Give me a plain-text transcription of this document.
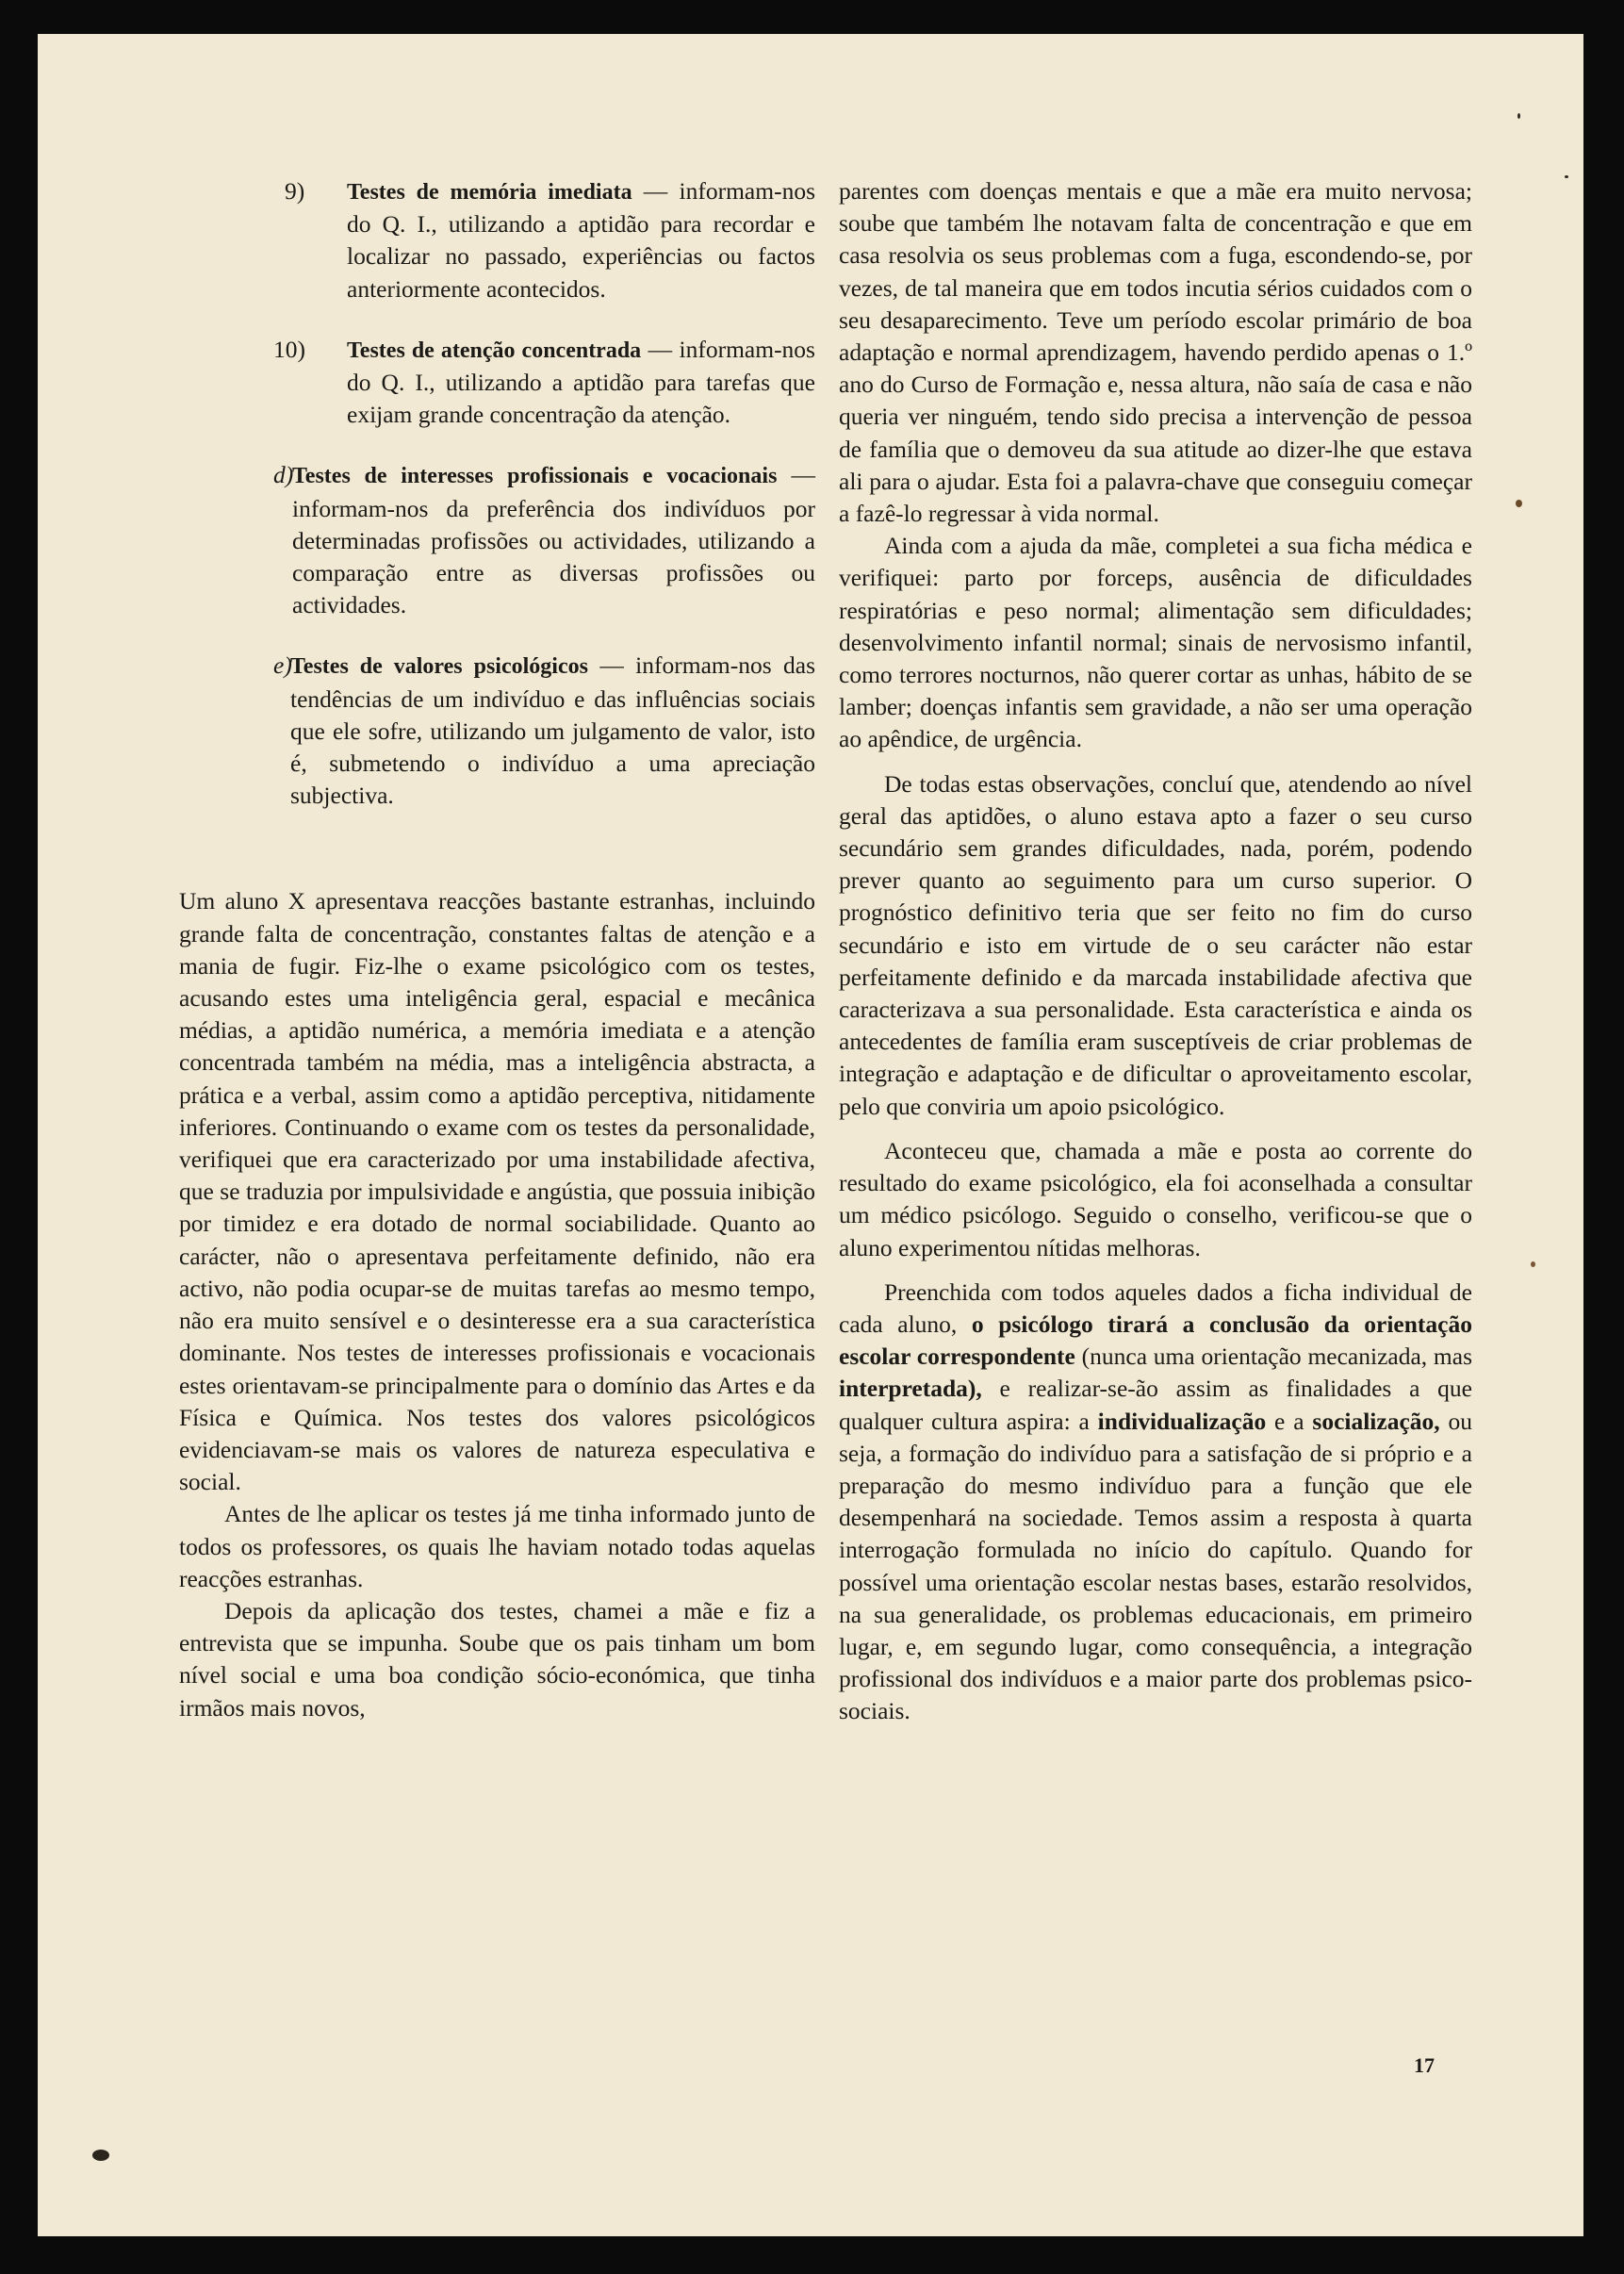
9) Testes de memória imediata — informam-nos do Q. I., utilizando a aptidão para recordar e localizar no passado, experiências ou factos anteriormente acontecidos.
10) Testes de atenção concentrada — informam-nos do Q. I., utilizando a aptidão para tarefas que exijam grande concentração da atenção.
d)
Testes de interesses profissionais e vocacionais — informam-nos da preferência dos indivíduos por determinadas profissões ou actividades, utilizando a comparação entre as diversas profissões ou actividades.
e)
Testes de valores psicológicos — informam-nos das tendências de um indivíduo e das influências sociais que ele sofre, utilizando um julgamento de valor, isto é, submetendo o indivíduo a uma apreciação subjectiva.

Um aluno X apresentava reacções bastante estranhas, incluindo grande falta de concentração, constantes faltas de atenção e a mania de fugir. Fiz-lhe o exame psicológico com os testes, acusando estes uma inteligência geral, espacial e mecânica médias, a aptidão numérica, a memória imediata e a atenção concentrada também na média, mas a inteligência abstracta, a prática e a verbal, assim como a aptidão perceptiva, nitidamente inferiores. Continuando o exame com os testes da personalidade, verifiquei que era caracterizado por uma instabilidade afectiva, que se traduzia por impulsividade e angústia, que possuia inibição por timidez e era dotado de normal sociabilidade. Quanto ao carácter, não o apresentava perfeitamente definido, não era activo, não podia ocupar-se de muitas tarefas ao mesmo tempo, não era muito sensível e o desinteresse era a sua característica dominante. Nos testes de interesses profissionais e vocacionais estes orientavam-se principalmente para o domínio das Artes e da Física e Química. Nos testes dos valores psicológicos evidenciavam-se mais os valores de natureza especulativa e social.

Antes de lhe aplicar os testes já me tinha informado junto de todos os professores, os quais lhe haviam notado todas aquelas reacções estranhas.

Depois da aplicação dos testes, chamei a mãe e fiz a entrevista que se impunha. Soube que os pais tinham um bom nível social e uma boa condição sócio-económica, que tinha irmãos mais novos,

parentes com doenças mentais e que a mãe era muito nervosa; soube que também lhe notavam falta de concentração e que em casa resolvia os seus problemas com a fuga, escondendo-se, por vezes, de tal maneira que em todos incutia sérios cuidados com o seu desaparecimento. Teve um período escolar primário de boa adaptação e normal aprendizagem, havendo perdido apenas o 1.º ano do Curso de Formação e, nessa altura, não saía de casa e não queria ver ninguém, tendo sido precisa a intervenção de pessoa de família que o demoveu da sua atitude ao dizer-lhe que estava ali para o ajudar. Esta foi a palavra-chave que conseguiu começar a fazê-lo regressar à vida normal.

Ainda com a ajuda da mãe, completei a sua ficha médica e verifiquei: parto por forceps, ausência de dificuldades respiratórias e peso normal; alimentação sem dificuldades; desenvolvimento infantil normal; sinais de nervosismo infantil, como terrores nocturnos, não querer cortar as unhas, hábito de se lamber; doenças infantis sem gravidade, a não ser uma operação ao apêndice, de urgência.

De todas estas observações, concluí que, atendendo ao nível geral das aptidões, o aluno estava apto a fazer o seu curso secundário sem grandes dificuldades, nada, porém, podendo prever quanto ao seguimento para um curso superior. O prognóstico definitivo teria que ser feito no fim do curso secundário e isto em virtude de o seu carácter não estar perfeitamente definido e da marcada instabilidade afectiva que caracterizava a sua personalidade. Esta característica e ainda os antecedentes de família eram susceptíveis de criar problemas de integração e adaptação e de dificultar o aproveitamento escolar, pelo que conviria um apoio psicológico.

Aconteceu que, chamada a mãe e posta ao corrente do resultado do exame psicológico, ela foi aconselhada a consultar um médico psicólogo. Seguido o conselho, verificou-se que o aluno experimentou nítidas melhoras.

Preenchida com todos aqueles dados a ficha individual de cada aluno, o psicólogo tirará a conclusão da orientação escolar correspondente (nunca uma orientação mecanizada, mas interpretada), e realizar-se-ão assim as finalidades a que qualquer cultura aspira: a individualização e a socialização, ou seja, a formação do indivíduo para a satisfação de si próprio e a preparação do mesmo indivíduo para a função que ele desempenhará na sociedade. Temos assim a resposta à quarta interrogação formulada no início do capítulo. Quando for possível uma orientação escolar nestas bases, estarão resolvidos, na sua generalidade, os problemas educacionais, em primeiro lugar, e, em segundo lugar, como consequência, a integração profissional dos indivíduos e a maior parte dos problemas psico-sociais.

17
